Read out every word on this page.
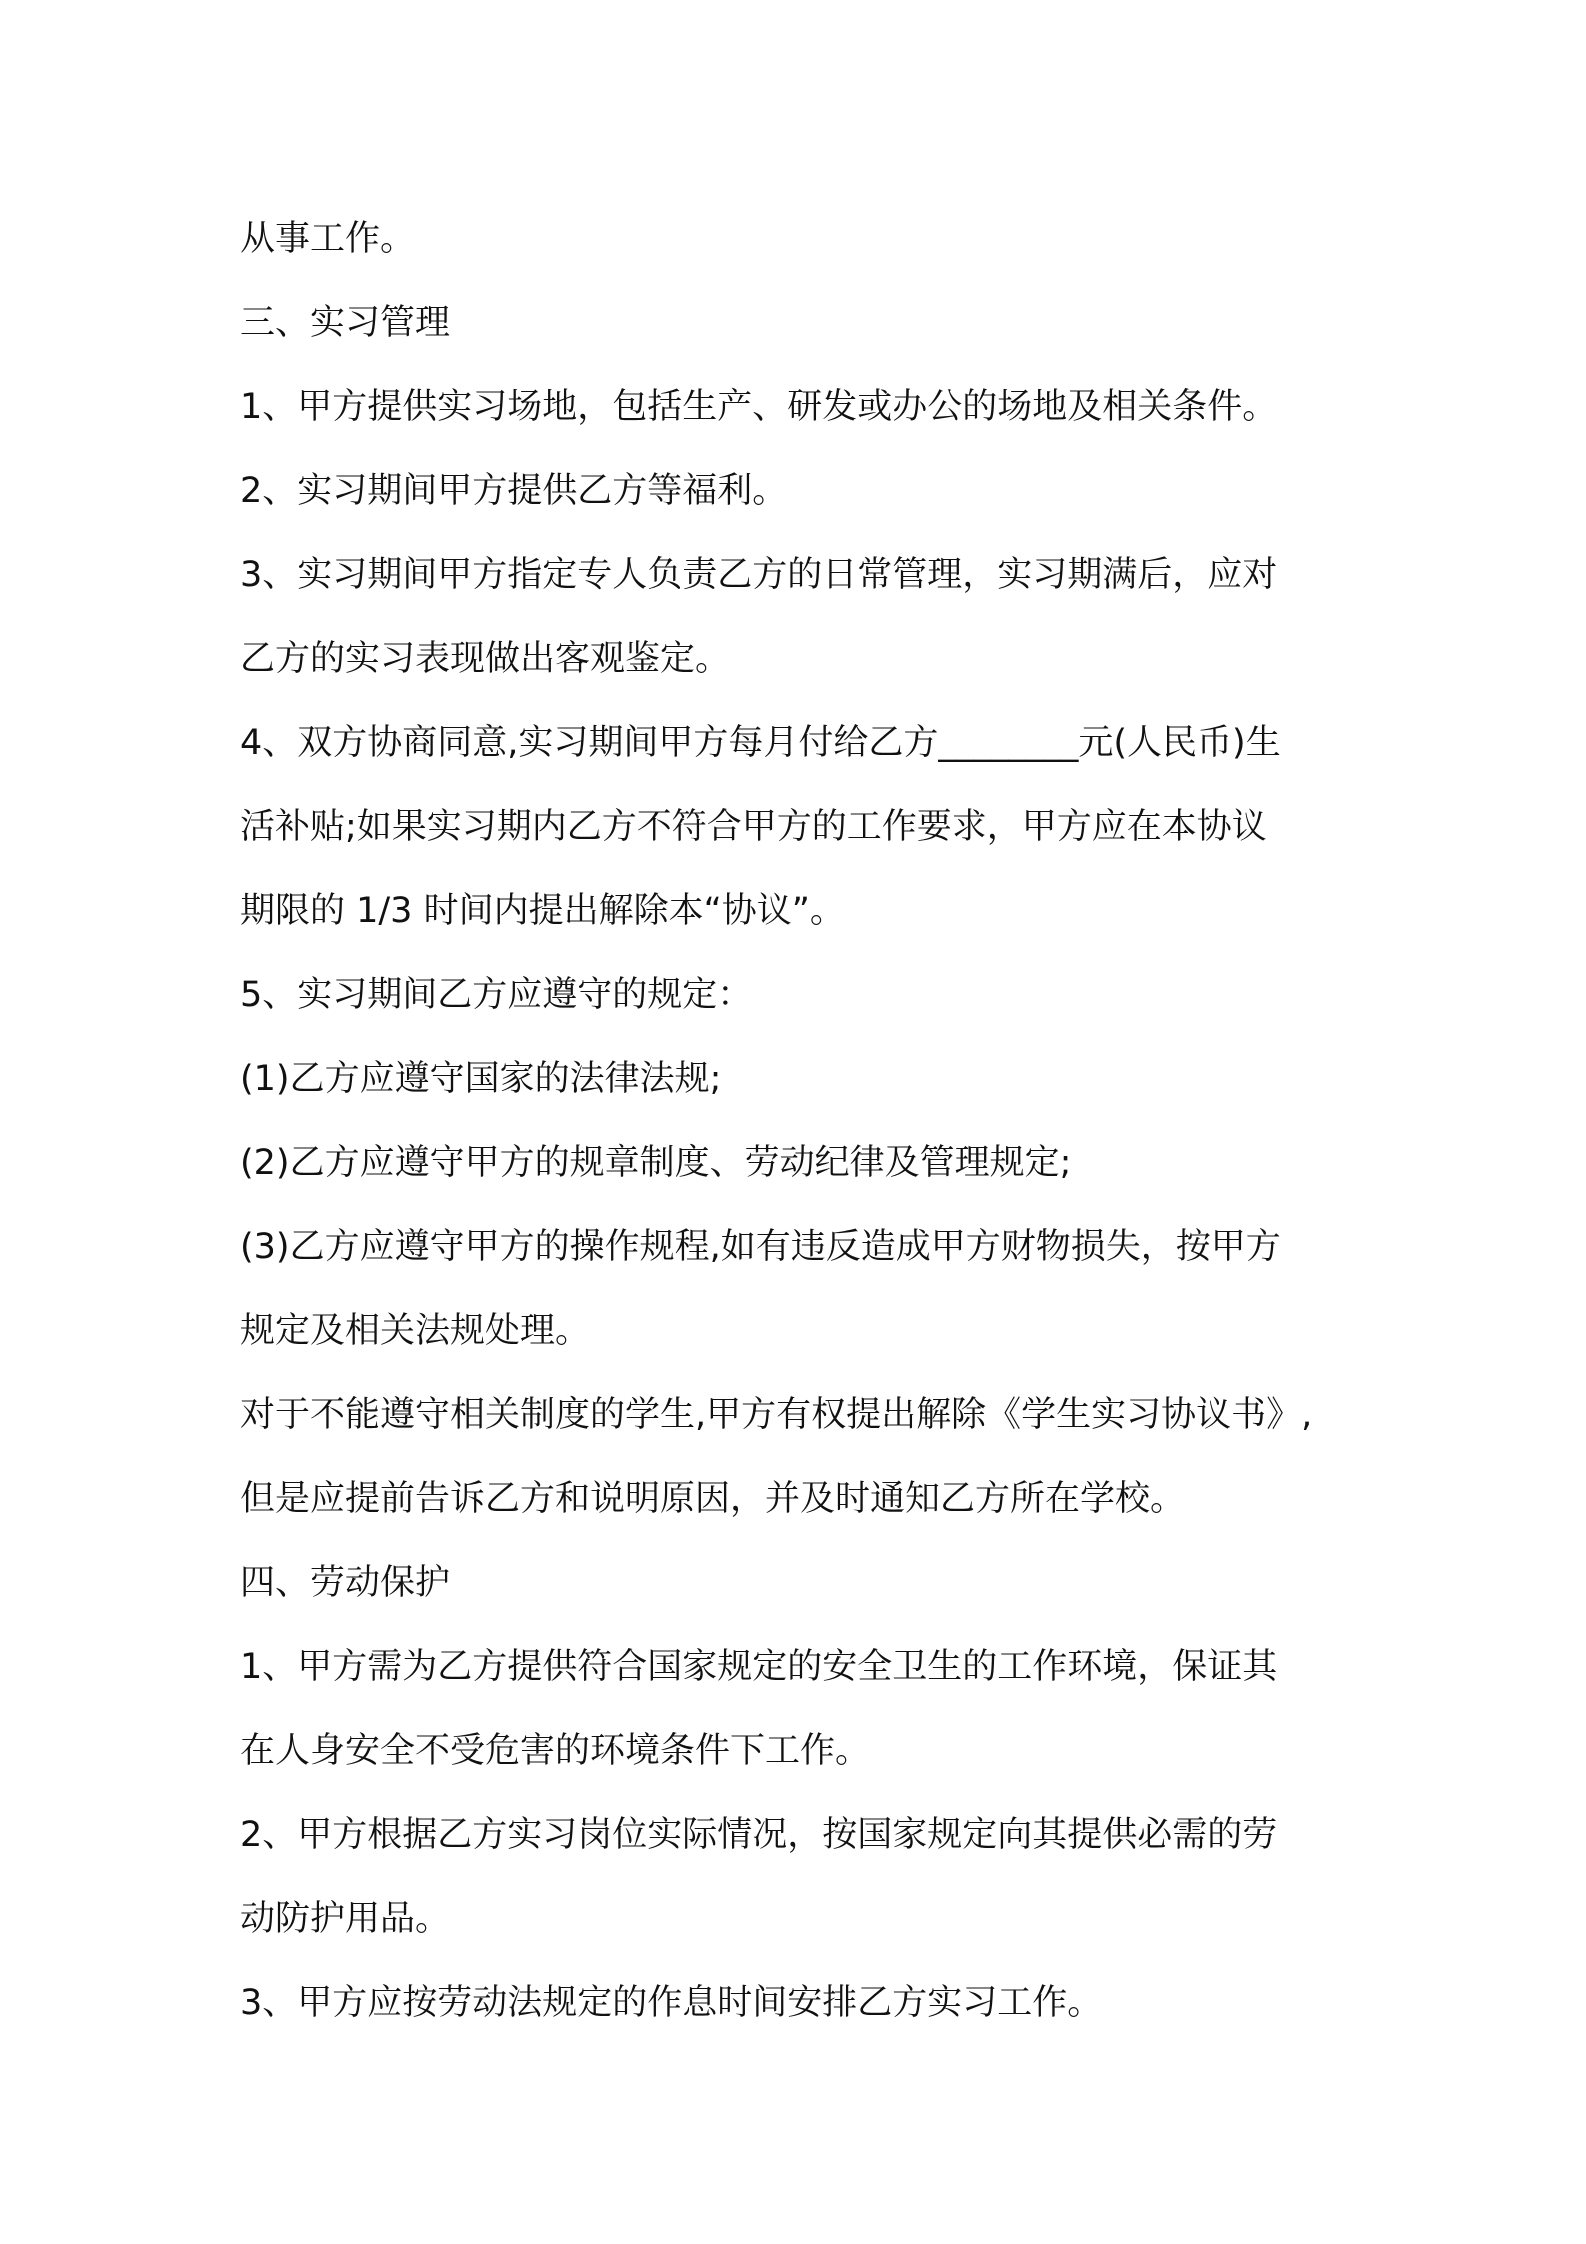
从事工作。
三、实习管理
1、甲方提供实习场地，包括生产、研发或办公的场地及相关条件。
2、实习期间甲方提供乙方等福利。
3、实习期间甲方指定专人负责乙方的日常管理，实习期满后，应对
乙方的实习表现做出客观鉴定。
4、双方协商同意,实习期间甲方每月付给乙方________元(人民币)生
活补贴;如果实习期内乙方不符合甲方的工作要求，甲方应在本协议
期限的 1/3 时间内提出解除本“协议”。
5、实习期间乙方应遵守的规定：
(1)乙方应遵守国家的法律法规;
(2)乙方应遵守甲方的规章制度、劳动纪律及管理规定;
(3)乙方应遵守甲方的操作规程,如有违反造成甲方财物损失，按甲方
规定及相关法规处理。
对于不能遵守相关制度的学生,甲方有权提出解除《学生实习协议书》,
但是应提前告诉乙方和说明原因，并及时通知乙方所在学校。
四、劳动保护
1、甲方需为乙方提供符合国家规定的安全卫生的工作环境，保证其
在人身安全不受危害的环境条件下工作。
2、甲方根据乙方实习岗位实际情况，按国家规定向其提供必需的劳
动防护用品。
3、甲方应按劳动法规定的作息时间安排乙方实习工作。
